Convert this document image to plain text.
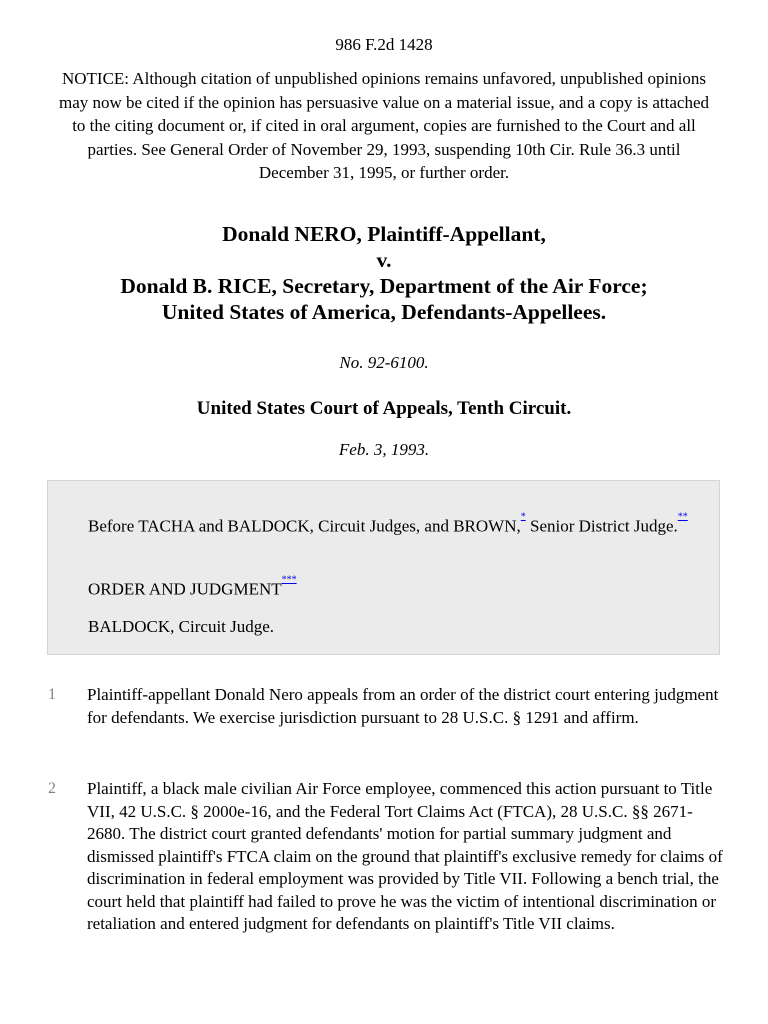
986 F.2d 1428
NOTICE: Although citation of unpublished opinions remains unfavored, unpublished opinions may now be cited if the opinion has persuasive value on a material issue, and a copy is attached to the citing document or, if cited in oral argument, copies are furnished to the Court and all parties. See General Order of November 29, 1993, suspending 10th Cir. Rule 36.3 until December 31, 1995, or further order.
Donald NERO, Plaintiff-Appellant,
v.
Donald B. RICE, Secretary, Department of the Air Force;
United States of America, Defendants-Appellees.
No. 92-6100.
United States Court of Appeals, Tenth Circuit.
Feb. 3, 1993.

Before TACHA and BALDOCK, Circuit Judges, and BROWN,* Senior District Judge.**

ORDER AND JUDGMENT***

BALDOCK, Circuit Judge.

1 Plaintiff-appellant Donald Nero appeals from an order of the district court entering judgment for defendants. We exercise jurisdiction pursuant to 28 U.S.C. § 1291 and affirm.
2 Plaintiff, a black male civilian Air Force employee, commenced this action pursuant to Title VII, 42 U.S.C. § 2000e-16, and the Federal Tort Claims Act (FTCA), 28 U.S.C. §§ 2671-2680. The district court granted defendants' motion for partial summary judgment and dismissed plaintiff's FTCA claim on the ground that plaintiff's exclusive remedy for claims of discrimination in federal employment was provided by Title VII. Following a bench trial, the court held that plaintiff had failed to prove he was the victim of intentional discrimination or retaliation and entered judgment for defendants on plaintiff's Title VII claims.
